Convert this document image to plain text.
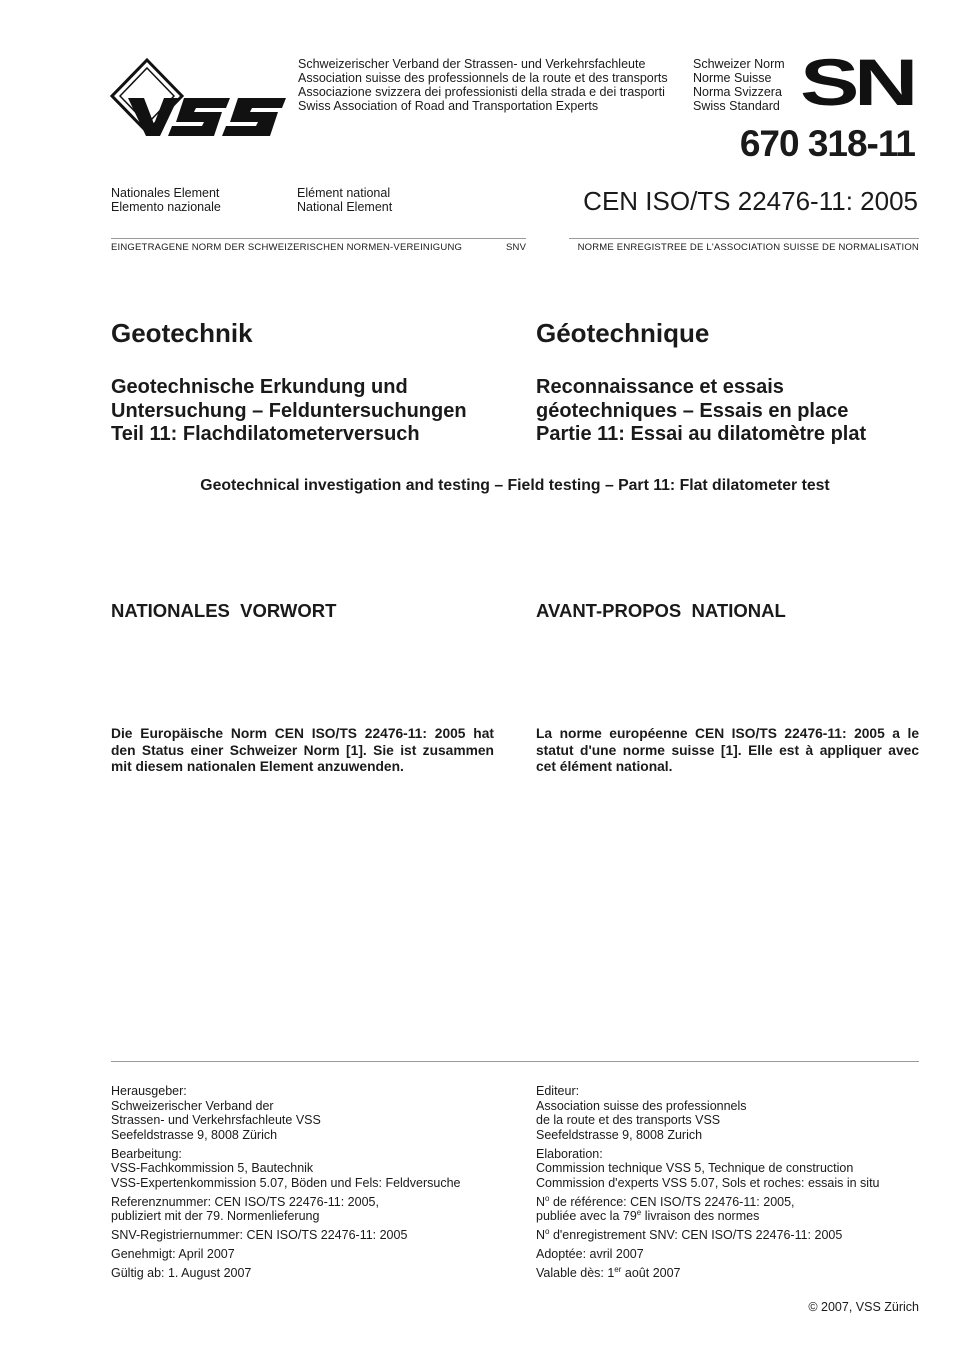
VSS	Schweizerischer Verband der Strassen- und Verkehrsfachleute
Association suisse des professionnels de la route et des transports
Associazione svizzera dei professionisti della strada e dei trasporti
Swiss Association of Road and Transportation Experts
Schweizer Norm
Norme Suisse
Norma Svizzera
Swiss Standard SN
670 318-11
Nationales Element
Elemento nazionale
Elément national
National Element	CEN ISO/TS 22476-11: 2005
EINGETRAGENE NORM DER SCHWEIZERISCHEN NORMEN-VEREINIGUNG	SNV	NORME ENREGISTREE DE L'ASSOCIATION SUISSE DE NORMALISATION
Geotechnik	Géotechnique
Geotechnische Erkundung und
Untersuchung – Felduntersuchungen
Teil 11: Flachdilatometerversuch
Reconnaissance et essais
géotechniques – Essais en place
Partie 11: Essai au dilatomètre plat
Geotechnical investigation and testing – Field testing – Part 11: Flat dilatometer test
NATIONALES  VORWORT	AVANT-PROPOS  NATIONAL
Die Europäische Norm CEN ISO/TS 22476-11: 2005 hat
den Status einer Schweizer Norm [1]. Sie ist zusammen
mit diesem nationalen Element anzuwenden.
La norme européenne CEN ISO/TS 22476-11: 2005 a le
statut d'une norme suisse [1]. Elle est à appliquer avec
cet élément national.
Herausgeber:
Schweizerischer Verband der
Strassen- und Verkehrsfachleute VSS
Seefeldstrasse 9, 8008 Zürich
Bearbeitung:
VSS-Fachkommission 5, Bautechnik
VSS-Expertenkommission 5.07, Böden und Fels: Feldversuche
Referenznummer: CEN ISO/TS 22476-11: 2005,
publiziert mit der 79. Normenlieferung
SNV-Registriernummer: CEN ISO/TS 22476-11: 2005
Genehmigt: April 2007
Gültig ab: 1. August 2007
Editeur:
Association suisse des professionnels
de la route et des transports VSS
Seefeldstrasse 9, 8008 Zurich
Elaboration:
Commission technique VSS 5, Technique de construction
Commission d'experts VSS 5.07, Sols et roches: essais in situ
$N^o$ de référence: CEN ISO/TS 22476-11: 2005,
publiée avec la 79e livraison des normes
$N^o$ d'enregistrement SNV: CEN ISO/TS 22476-11: 2005
Adoptée: avril 2007
Valable dès: 1er août 2007
© 2007, VSS Zürich
